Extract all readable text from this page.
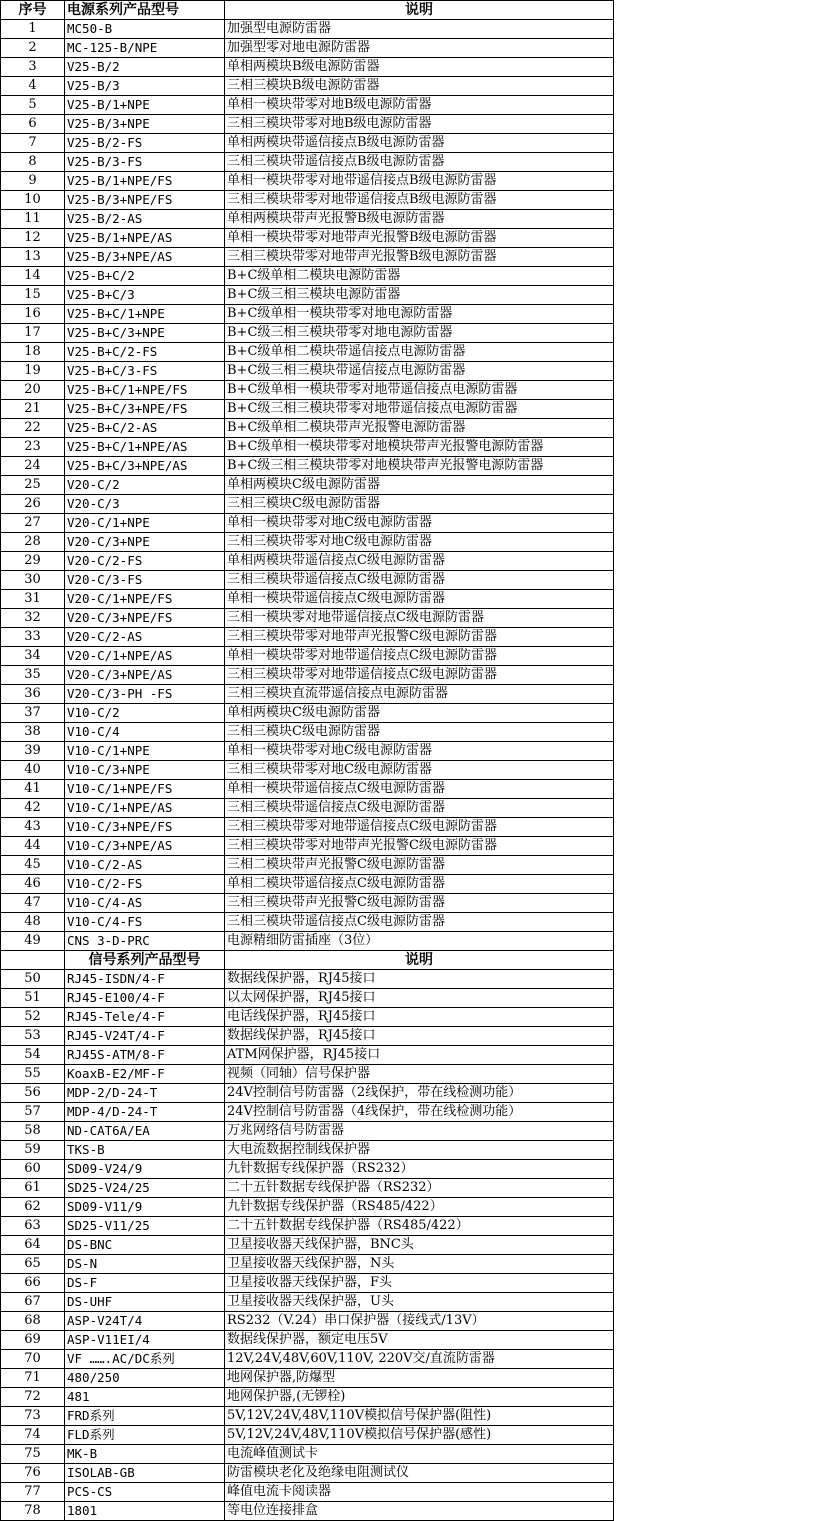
序号	电源系列产品型号	说明
1	MC50-B	加强型电源防雷器
2	MC-125-B/NPE	加强型零对地电源防雷器
3	V25-B/2	单相两模块B级电源防雷器
4	V25-B/3	三相三模块B级电源防雷器
5	V25-B/1+NPE	单相一模块带零对地B级电源防雷器
6	V25-B/3+NPE	三相三模块带零对地B级电源防雷器
7	V25-B/2-FS	单相两模块带遥信接点B级电源防雷器
8	V25-B/3-FS	三相三模块带遥信接点B级电源防雷器
9	V25-B/1+NPE/FS	单相一模块带零对地带遥信接点B级电源防雷器
10	V25-B/3+NPE/FS	三相三模块带零对地带遥信接点B级电源防雷器
11	V25-B/2-AS	单相两模块带声光报警B级电源防雷器
12	V25-B/1+NPE/AS	单相一模块带零对地带声光报警B级电源防雷器
13	V25-B/3+NPE/AS	三相三模块带零对地带声光报警B级电源防雷器
14	V25-B+C/2	B+C级单相二模块电源防雷器
15	V25-B+C/3	B+C级三相三模块电源防雷器
16	V25-B+C/1+NPE	B+C级单相一模块带零对地电源防雷器
17	V25-B+C/3+NPE	B+C级三相三模块带零对地电源防雷器
18	V25-B+C/2-FS	B+C级单相二模块带遥信接点电源防雷器
19	V25-B+C/3-FS	B+C级三相三模块带遥信接点电源防雷器
20	V25-B+C/1+NPE/FS	B+C级单相一模块带零对地带遥信接点电源防雷器
21	V25-B+C/3+NPE/FS	B+C级三相三模块带零对地带遥信接点电源防雷器
22	V25-B+C/2-AS	B+C级单相二模块带声光报警电源防雷器
23	V25-B+C/1+NPE/AS	B+C级单相一模块带零对地模块带声光报警电源防雷器
24	V25-B+C/3+NPE/AS	B+C级三相三模块带零对地模块带声光报警电源防雷器
25	V20-C/2	单相两模块C级电源防雷器
26	V20-C/3	三相三模块C级电源防雷器
27	V20-C/1+NPE	单相一模块带零对地C级电源防雷器
28	V20-C/3+NPE	三相三模块带零对地C级电源防雷器
29	V20-C/2-FS	单相两模块带遥信接点C级电源防雷器
30	V20-C/3-FS	三相三模块带遥信接点C级电源防雷器
31	V20-C/1+NPE/FS	单相一模块带遥信接点C级电源防雷器
32	V20-C/3+NPE/FS	三相一模块零对地带遥信接点C级电源防雷器
33	V20-C/2-AS	三相三模块带零对地带声光报警C级电源防雷器
34	V20-C/1+NPE/AS	单相一模块带零对地带遥信接点C级电源防雷器
35	V20-C/3+NPE/AS	三相三模块带零对地带遥信接点C级电源防雷器
36	V20-C/3-PH -FS	三相三模块直流带遥信接点电源防雷器
37	V10-C/2	单相两模块C级电源防雷器
38	V10-C/4	三相三模块C级电源防雷器
39	V10-C/1+NPE	单相一模块带零对地C级电源防雷器
40	V10-C/3+NPE	三相三模块带零对地C级电源防雷器
41	V10-C/1+NPE/FS	单相一模块带遥信接点C级电源防雷器
42	V10-C/1+NPE/AS	三相三模块带遥信接点C级电源防雷器
43	V10-C/3+NPE/FS	三相三模块带零对地带遥信接点C级电源防雷器
44	V10-C/3+NPE/AS	三相三模块带零对地带声光报警C级电源防雷器
45	V10-C/2-AS	三相二模块带声光报警C级电源防雷器
46	V10-C/2-FS	单相二模块带遥信接点C级电源防雷器
47	V10-C/4-AS	三相三模块带声光报警C级电源防雷器
48	V10-C/4-FS	三相三模块带遥信接点C级电源防雷器
49	CNS 3-D-PRC	电源精细防雷插座（3位）
	信号系列产品型号	说明
50	RJ45-ISDN/4-F	数据线保护器，RJ45接口
51	RJ45-E100/4-F	以太网保护器，RJ45接口
52	RJ45-Tele/4-F	电话线保护器，RJ45接口
53	RJ45-V24T/4-F	数据线保护器，RJ45接口
54	RJ45S-ATM/8-F	ATM网保护器，RJ45接口
55	KoaxB-E2/MF-F	视频（同轴）信号保护器
56	MDP-2/D-24-T	24V控制信号防雷器（2线保护，带在线检测功能）
57	MDP-4/D-24-T	24V控制信号防雷器（4线保护，带在线检测功能）
58	ND-CAT6A/EA	万兆网络信号防雷器
59	TKS-B	大电流数据控制线保护器
60	SD09-V24/9	九针数据专线保护器（RS232）
61	SD25-V24/25	二十五针数据专线保护器（RS232）
62	SD09-V11/9	九针数据专线保护器（RS485/422）
63	SD25-V11/25	二十五针数据专线保护器（RS485/422）
64	DS-BNC	卫星接收器天线保护器，BNC头
65	DS-N	卫星接收器天线保护器，N头
66	DS-F	卫星接收器天线保护器，F头
67	DS-UHF	卫星接收器天线保护器，U头
68	ASP-V24T/4	RS232（V.24）串口保护器（接线式/13V）
69	ASP-V11EI/4	数据线保护器，额定电压5V
70	VF …….AC/DC系列	12V,24V,48V,60V,110V, 220V交/直流防雷器
71	480/250	地网保护器,防爆型
72	481	地网保护器,(无锣栓)
73	FRD系列	5V,12V,24V,48V,110V模拟信号保护器(阻性)
74	FLD系列	5V,12V,24V,48V,110V模拟信号保护器(感性)
75	MK-B	电流峰值测试卡
76	ISOLAB-GB	防雷模块老化及绝缘电阻测试仪
77	PCS-CS	峰值电流卡阅读器
78	1801	等电位连接排盒
